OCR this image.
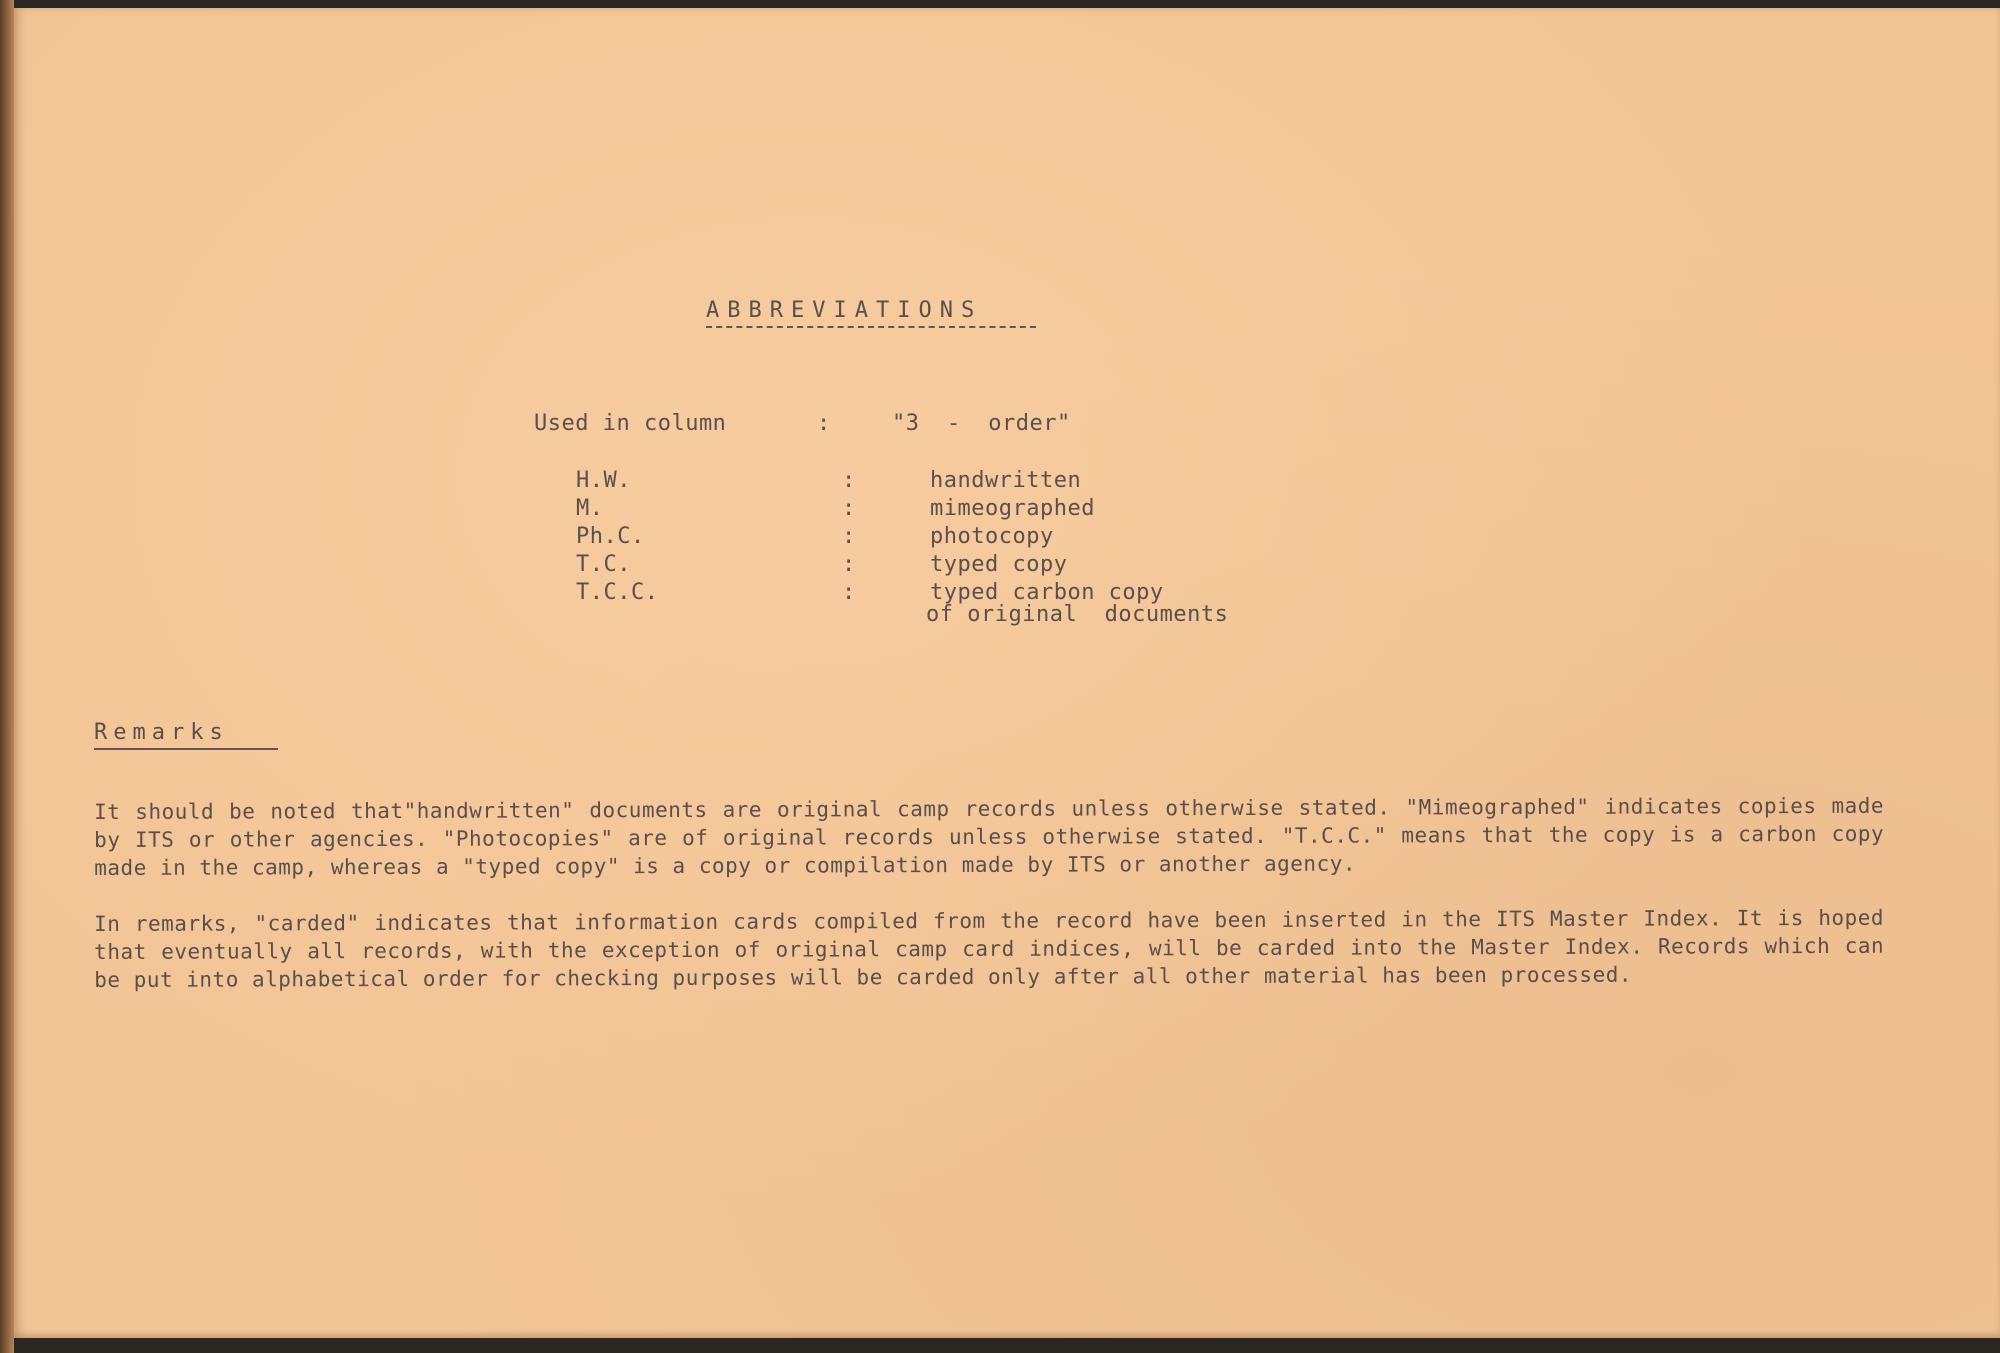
ABBREVIATIONS
Used in column	:	"3  -  order"
H.W.	:	handwritten
M.	:	mimeographed
Ph.C.	:	photocopy
T.C.	:	typed copy
T.C.C.	:	typed carbon copy
of original  documents
Remarks
It should be noted that"handwritten" documents are original camp records unless otherwise stated. "Mimeographed" indicates copies made by ITS or other agencies. "Photocopies" are of original records unless otherwise stated. "T.C.C." means that the copy is a carbon copy made in the camp, whereas a "typed copy" is a copy or compilation made by ITS or another agency.
In remarks, "carded" indicates that information cards compiled from the record have been inserted in the ITS Master Index. It is hoped that eventually all records, with the exception of original camp card indices, will be carded into the Master Index. Records which can be put into alphabetical order for checking purposes will be carded only after all other material has been processed.
